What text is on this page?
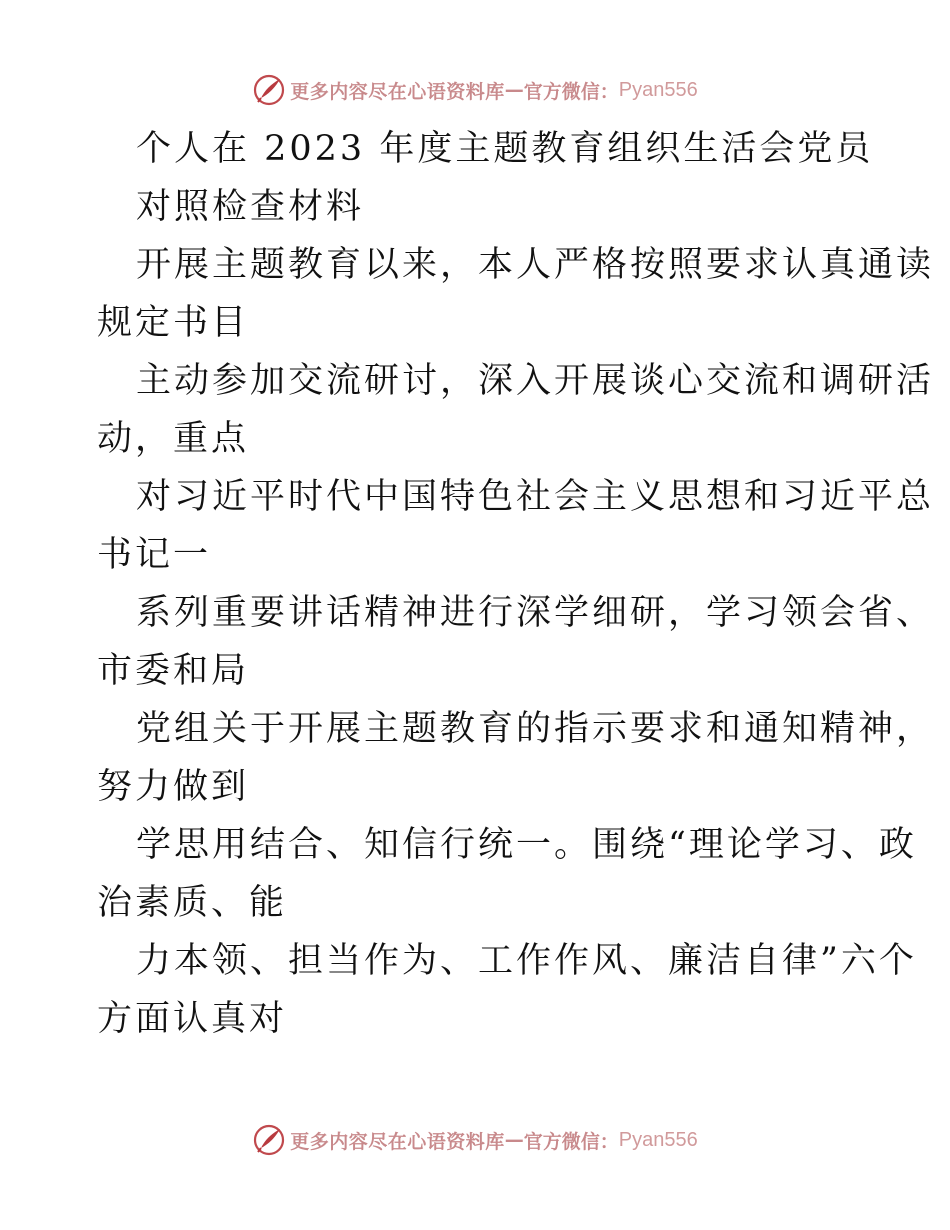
更多内容尽在心语资料库 — 官方微信： Pyan556
个人在 2023 年度主题教育组织生活会党员
对照检查材料
开展主题教育以来，本人严格按照要求认真通读
规定书目
主动参加交流研讨，深入开展谈心交流和调研活
动，重点
对习近平时代中国特色社会主义思想和习近平总
书记一
系列重要讲话精神进行深学细研，学习领会省、
市委和局
党组关于开展主题教育的指示要求和通知精神，
努力做到
学思用结合、知信行统一。围绕“理论学习、政
治素质、能
力本领、担当作为、工作作风、廉洁自律”六个
方面认真对
更多内容尽在心语资料库 — 官方微信： Pyan556
